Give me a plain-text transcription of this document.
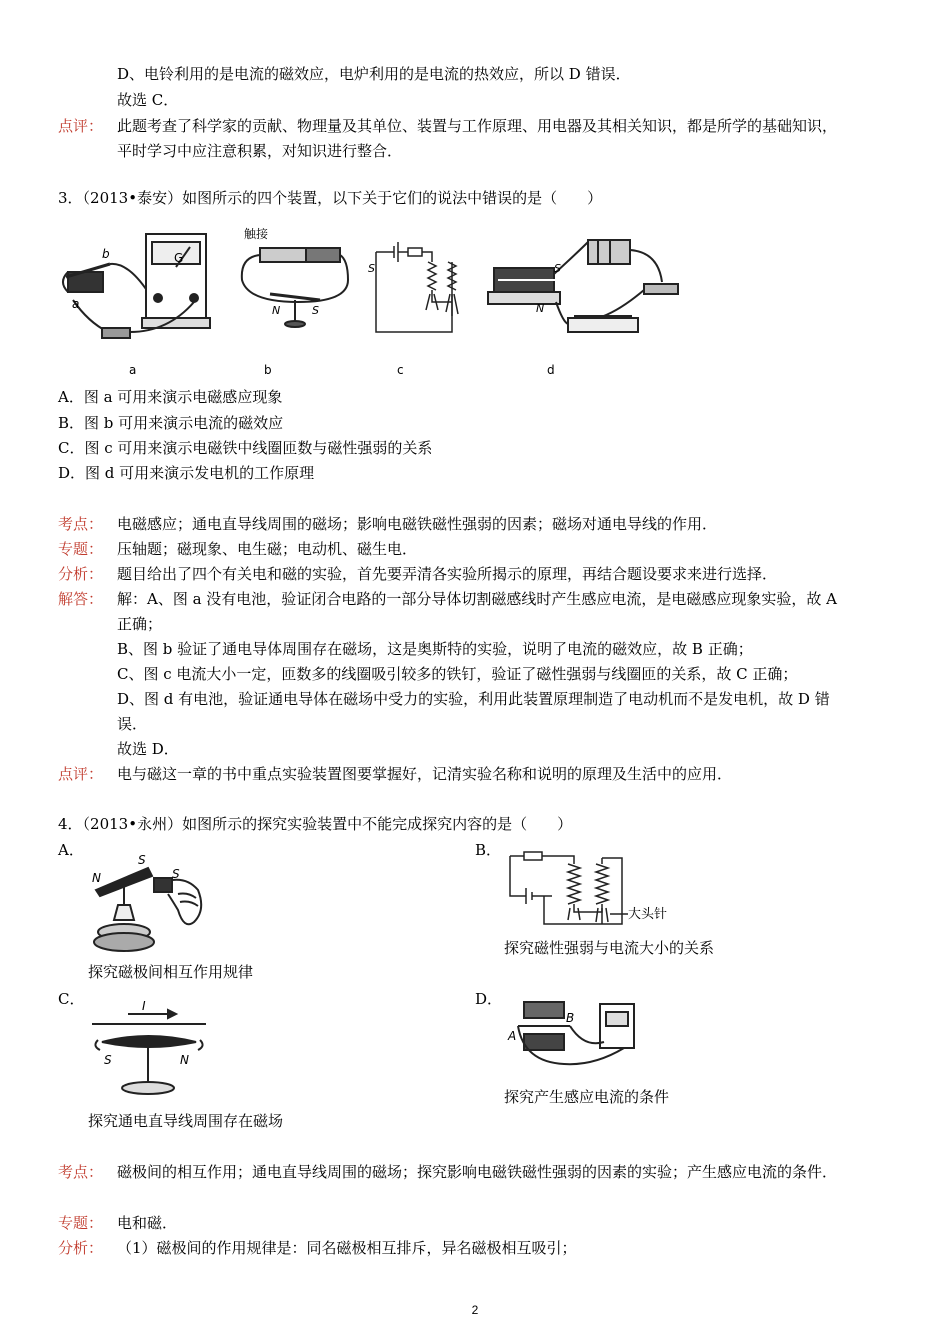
D、电铃利用的是电流的磁效应，电炉利用的是电流的热效应，所以 D 错误．
故选 C．
点评： 此题考查了科学家的贡献、物理量及其单位、装置与工作原理、用电器及其相关知识，都是所学的基础知识，
平时学习中应注意积累，对知识进行整合．
3．（2013•泰安）如图所示的四个装置，以下关于它们的说法中错误的是（　　）
a
b	G
触接
N	S
S	S
N
a	b	c	d
A．图 a 可用来演示电磁感应现象
B．图 b 可用来演示电流的磁效应
C．图 c 可用来演示电磁铁中线圈匝数与磁性强弱的关系
D．图 d 可用来演示发电机的工作原理
考点： 电磁感应；通电直导线周围的磁场；影响电磁铁磁性强弱的因素；磁场对通电导线的作用．
专题： 压轴题；磁现象、电生磁；电动机、磁生电．
分析： 题目给出了四个有关电和磁的实验，首先要弄清各实验所揭示的原理，再结合题设要求来进行选择．
解答： 解：A、图 a 没有电池，验证闭合电路的一部分导体切割磁感线时产生感应电流，是电磁感应现象实验，故 A
正确；
B、图 b 验证了通电导体周围存在磁场，这是奥斯特的实验，说明了电流的磁效应，故 B 正确；
C、图 c 电流大小一定，匝数多的线圈吸引较多的铁钉，验证了磁性强弱与线圈匝的关系，故 C 正确；
D、图 d 有电池，验证通电导体在磁场中受力的实验，利用此装置原理制造了电动机而不是发电机，故 D 错
误．
故选 D．
点评： 电与磁这一章的书中重点实验装置图要掌握好，记清实验名称和说明的原理及生活中的应用．
4．（2013•永州）如图所示的探究实验装置中不能完成探究内容的是（　　）
A．	B．
N
S
S
大头针
探究磁性强弱与电流大小的关系
探究磁极间相互作用规律
C．	D．
I
S	N
A
B
探究产生感应电流的条件
探究通电直导线周围存在磁场
考点： 磁极间的相互作用；通电直导线周围的磁场；探究影响电磁铁磁性强弱的因素的实验；产生感应电流的条件．
专题： 电和磁．
分析： （1）磁极间的作用规律是：同名磁极相互排斥，异名磁极相互吸引；
2
